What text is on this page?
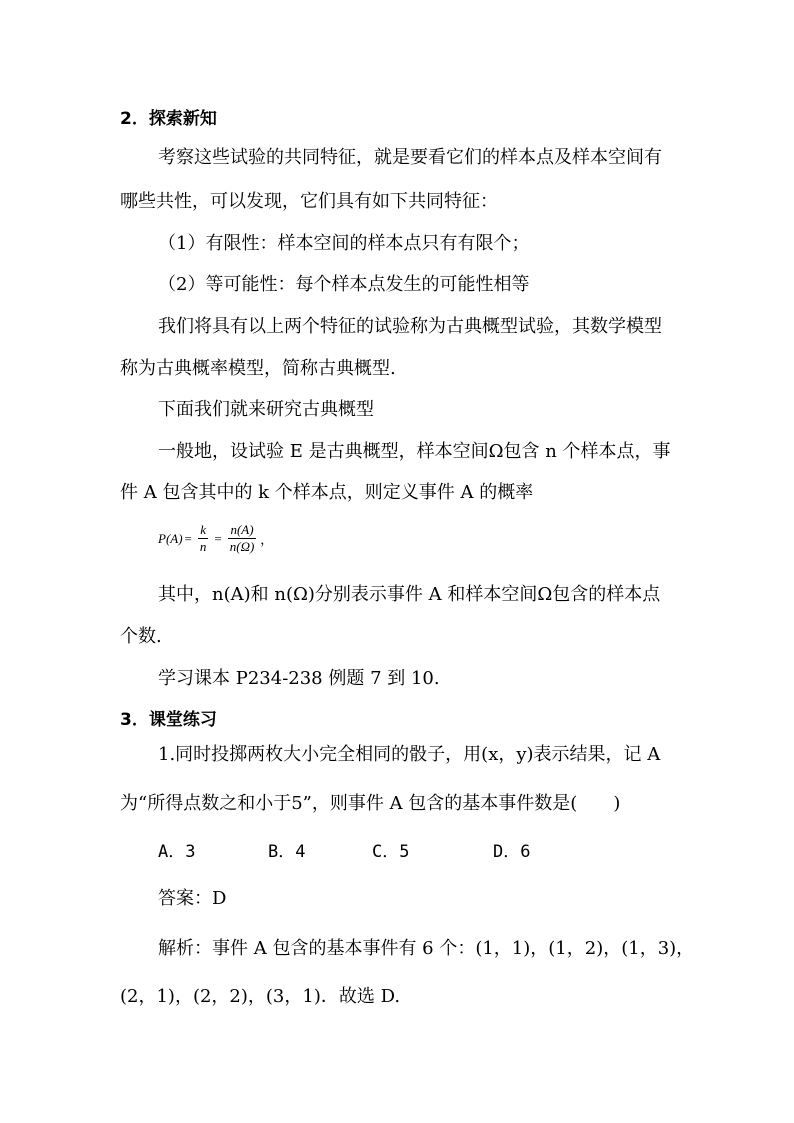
2．探索新知
考察这些试验的共同特征，就是要看它们的样本点及样本空间有
哪些共性，可以发现，它们具有如下共同特征：
（1）有限性：样本空间的样本点只有有限个；
（2）等可能性：每个样本点发生的可能性相等
我们将具有以上两个特征的试验称为古典概型试验，其数学模型
称为古典概率模型，简称古典概型.
下面我们就来研究古典概型
一般地，设试验 E 是古典概型，样本空间Ω包含 n 个样本点，事
件 A 包含其中的 k 个样本点，则定义事件 A 的概率
$P(A) = \frac{k}{n} = \frac{n(A)}{n(\Omega)}$ ，
其中，n(A)和 n(Ω)分别表示事件 A 和样本空间Ω包含的样本点
个数.
学习课本 P234-238 例题 7 到 10.
3．课堂练习
1.同时投掷两枚大小完全相同的骰子，用(x，y)表示结果，记 A
为“所得点数之和小于5”，则事件 A 包含的基本事件数是(　　)
A．3	B．4	C．5	D．6
答案：D
解析：事件 A 包含的基本事件有 6 个：(1，1)，(1，2)，(1，3)，
(2，1)，(2，2)，(3，1)．故选 D.
